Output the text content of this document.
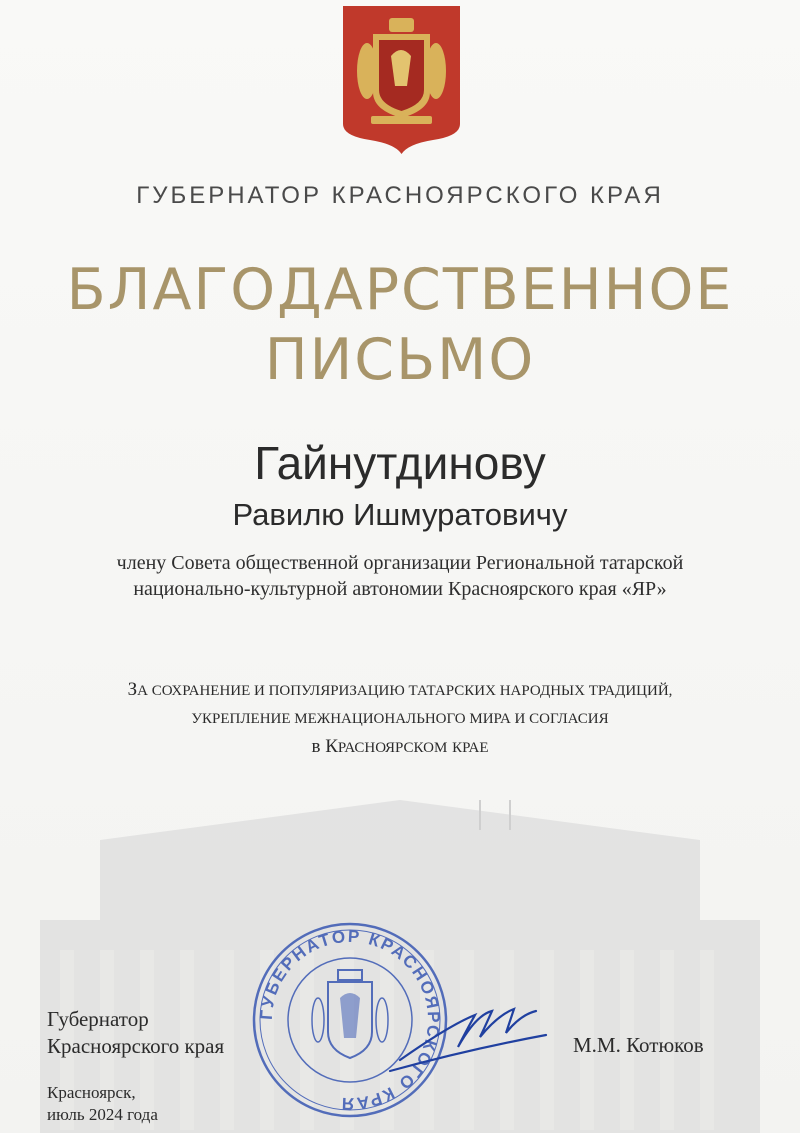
ГУБЕРНАТОР КРАСНОЯРСКОГО КРАЯ
БЛАГОДАРСТВЕННОЕ
ПИСЬМО
Гайнутдинову
Равилю Ишмуратовичу
члену Совета общественной организации Региональной татарской
национально-культурной автономии Красноярского края «ЯР»
ЗА СОХРАНЕНИЕ И ПОПУЛЯРИЗАЦИЮ ТАТАРСКИХ НАРОДНЫХ ТРАДИЦИЙ,
УКРЕПЛЕНИЕ МЕЖНАЦИОНАЛЬНОГО МИРА И СОГЛАСИЯ
в КРАСНОЯРСКОМ КРАЕ
ГУБЕРНАТОР КРАСНОЯРСКОГО КРАЯ
Губернатор
Красноярского края	М.М. Котюков
Красноярск,
июль 2024 года
